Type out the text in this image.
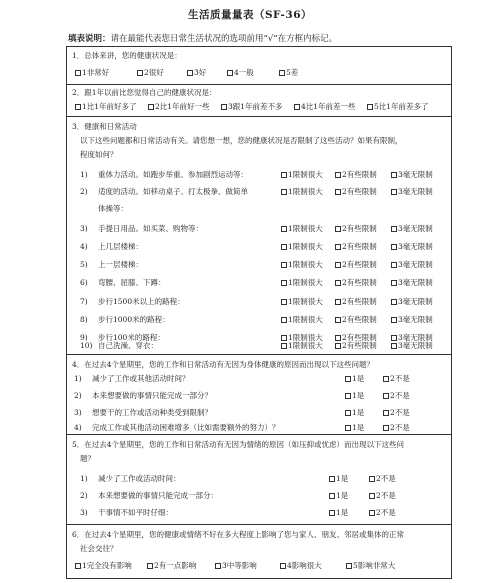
生活质量量表（SF-36）
填表说明：请在最能代表您日常生活状况的选项前用“√”在方框内标记。
1．总体来讲，您的健康状况是：
1非常好	2很好	3好	4一般	5差
2．跟1年以前比您觉得自己的健康状况是：
1比1年前好多了	2比1年前好一些	3跟1年前差不多	4比1年前差一些	5比1年前差多了
3．健康和日常活动
以下这些问题都和日常活动有关。请您想一想，您的健康状况是否限制了这些活动？如果有限制，
程度如何？
1) 重体力活动。如跑步举重、参加剧烈运动等：	1限制很大	2有些限制	3毫无限制
2) 适度的活动。如移动桌子、打太极拳、做简单	1限制很大	2有些限制	3毫无限制
体操等：
3) 手提日用品。如买菜、购物等：	1限制很大	2有些限制	3毫无限制
4) 上几层楼梯：	1限制很大	2有些限制	3毫无限制
5) 上一层楼梯：	1限制很大	2有些限制	3毫无限制
6) 弯腰、屈膝、下蹲：	1限制很大	2有些限制	3毫无限制
7) 步行1500米以上的路程：	1限制很大	2有些限制	3毫无限制
8) 步行1000米的路程：	1限制很大	2有些限制	3毫无限制
9) 步行100米的路程：	1限制很大	2有些限制	3毫无限制
10) 自己洗澡、穿衣：	1限制很大	2有些限制	3毫无限制
4．在过去4个星期里，您的工作和日常活动有无因为身体健康的原因而出现以下这些问题？
1) 减少了工作或其他活动时间？	1是	2不是
2) 本来想要做的事情只能完成一部分？	1是	2不是
3) 想要干的工作或活动种类受到限制？	1是	2不是
4) 完成工作或其他活动困难增多（比如需要额外的努力）？	1是	2不是
5．在过去4个星期里，您的工作和日常活动有无因为情绪的原因（如压抑或忧虑）而出现以下这些问
题？
1) 减少了工作或活动时间：	1是	2不是
2) 本来想要做的事情只能完成一部分：	1是	2不是
3) 干事情不如平时仔细：	1是	2不是
6．在过去4个星期里，您的健康或情绪不好在多大程度上影响了您与家人、朋友、邻居或集体的正常
社会交往？
1完全没有影响	2有一点影响	3中等影响	4影响很大	5影响非常大
